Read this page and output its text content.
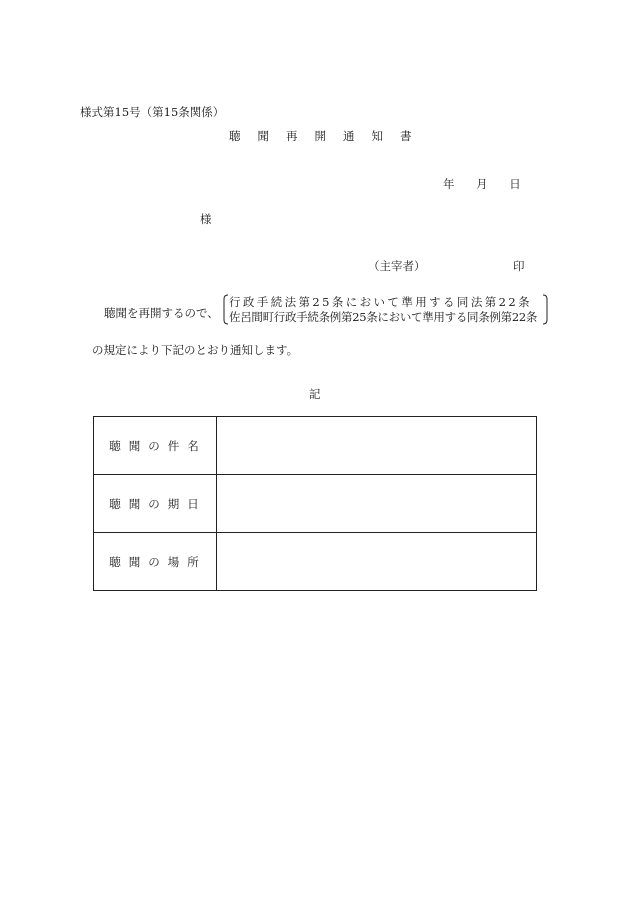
様式第15号（第15条関係）
聴聞再開通知書
年 月 日
様
（主宰者）	印
聴聞を再開するので、
行政手続法第25条において準用する同法第22条
佐呂間町行政手続条例第25条において準用する同条例第22条
の規定により下記のとおり通知します。
記
聴聞の件名	
聴聞の期日	
聴聞の場所	
